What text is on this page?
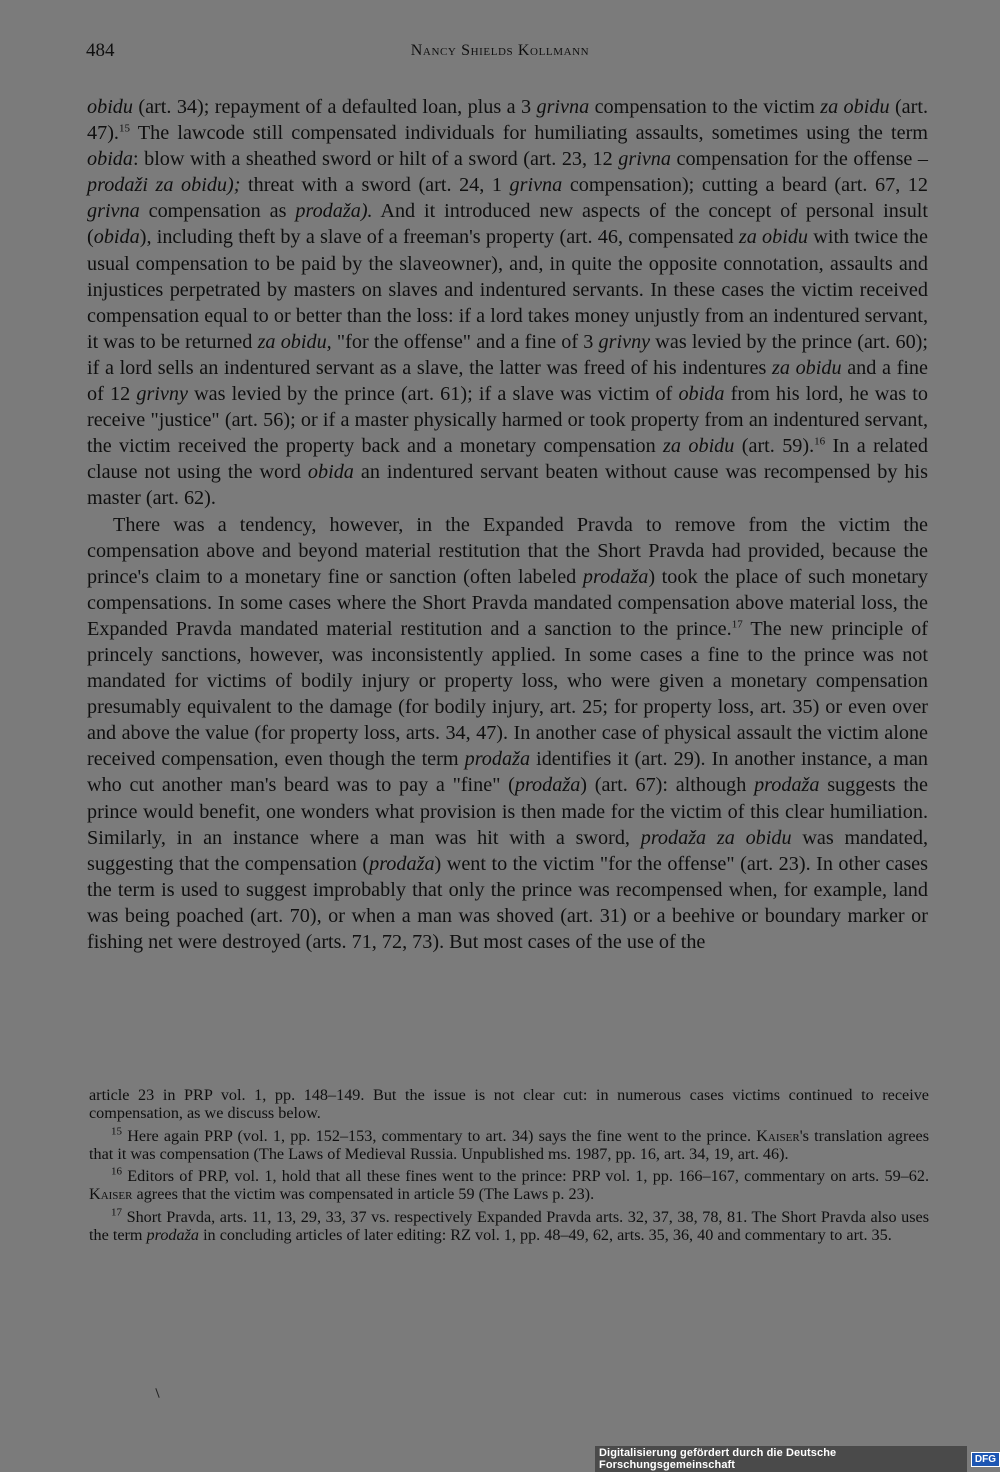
484	Nancy Shields Kollmann

obidu (art. 34); repayment of a defaulted loan, plus a 3 grivna compensation to the victim za obidu (art. 47).$^{15}$ The lawcode still compensated individuals for humiliating assaults, sometimes using the term obida: blow with a sheathed sword or hilt of a sword (art. 23, 12 grivna compensation for the offense – prodaži za obidu); threat with a sword (art. 24, 1 grivna compensation); cutting a beard (art. 67, 12 grivna compensation as prodaža). And it introduced new aspects of the concept of personal insult (obida), including theft by a slave of a freeman's property (art. 46, compensated za obidu with twice the usual compensation to be paid by the slaveowner), and, in quite the opposite connotation, assaults and injustices perpetrated by masters on slaves and indentured servants. In these cases the victim received compensation equal to or better than the loss: if a lord takes money unjustly from an indentured servant, it was to be returned za obidu, "for the offense" and a fine of 3 grivny was levied by the prince (art. 60); if a lord sells an indentured servant as a slave, the latter was freed of his indentures za obidu and a fine of 12 grivny was levied by the prince (art. 61); if a slave was victim of obida from his lord, he was to receive "justice" (art. 56); or if a master physically harmed or took property from an indentured servant, the victim received the property back and a monetary compensation za obidu (art. 59).$^{16}$ In a related clause not using the word obida an indentured servant beaten without cause was recompensed by his master (art. 62).

There was a tendency, however, in the Expanded Pravda to remove from the victim the compensation above and beyond material restitution that the Short Pravda had provided, because the prince's claim to a monetary fine or sanction (often labeled prodaža) took the place of such monetary compensations. In some cases where the Short Pravda mandated compensation above material loss, the Expanded Pravda mandated material restitution and a sanction to the prince.$^{17}$ The new principle of princely sanctions, however, was inconsistently applied. In some cases a fine to the prince was not mandated for victims of bodily injury or property loss, who were given a monetary compensation presumably equivalent to the damage (for bodily injury, art. 25; for property loss, art. 35) or even over and above the value (for property loss, arts. 34, 47). In another case of physical assault the victim alone received compensation, even though the term prodaža identifies it (art. 29). In another instance, a man who cut another man's beard was to pay a "fine" (prodaža) (art. 67): although prodaža suggests the prince would benefit, one wonders what provision is then made for the victim of this clear humiliation. Similarly, in an instance where a man was hit with a sword, prodaža za obidu was mandated, suggesting that the compensation (prodaža) went to the victim "for the offense" (art. 23). In other cases the term is used to suggest improbably that only the prince was recompensed when, for example, land was being poached (art. 70), or when a man was shoved (art. 31) or a beehive or boundary marker or fishing net were destroyed (arts. 71, 72, 73). But most cases of the use of the

article 23 in PRP vol. 1, pp. 148–149. But the issue is not clear cut: in numerous cases victims continued to receive compensation, as we discuss below.

$^{15}$ Here again PRP (vol. 1, pp. 152–153, commentary to art. 34) says the fine went to the prince. Kaiser's translation agrees that it was compensation (The Laws of Medieval Russia. Unpublished ms. 1987, pp. 16, art. 34, 19, art. 46).

$^{16}$ Editors of PRP, vol. 1, hold that all these fines went to the prince: PRP vol. 1, pp. 166–167, commentary on arts. 59–62. Kaiser agrees that the victim was compensated in article 59 (The Laws p. 23).

$^{17}$ Short Pravda, arts. 11, 13, 29, 33, 37 vs. respectively Expanded Pravda arts. 32, 37, 38, 78, 81. The Short Pravda also uses the term prodaža in concluding articles of later editing: RZ vol. 1, pp. 48–49, 62, arts. 35, 36, 40 and commentary to art. 35.

Digitalisierung gefördert durch die Deutsche Forschungsgemeinschaft	DFG
